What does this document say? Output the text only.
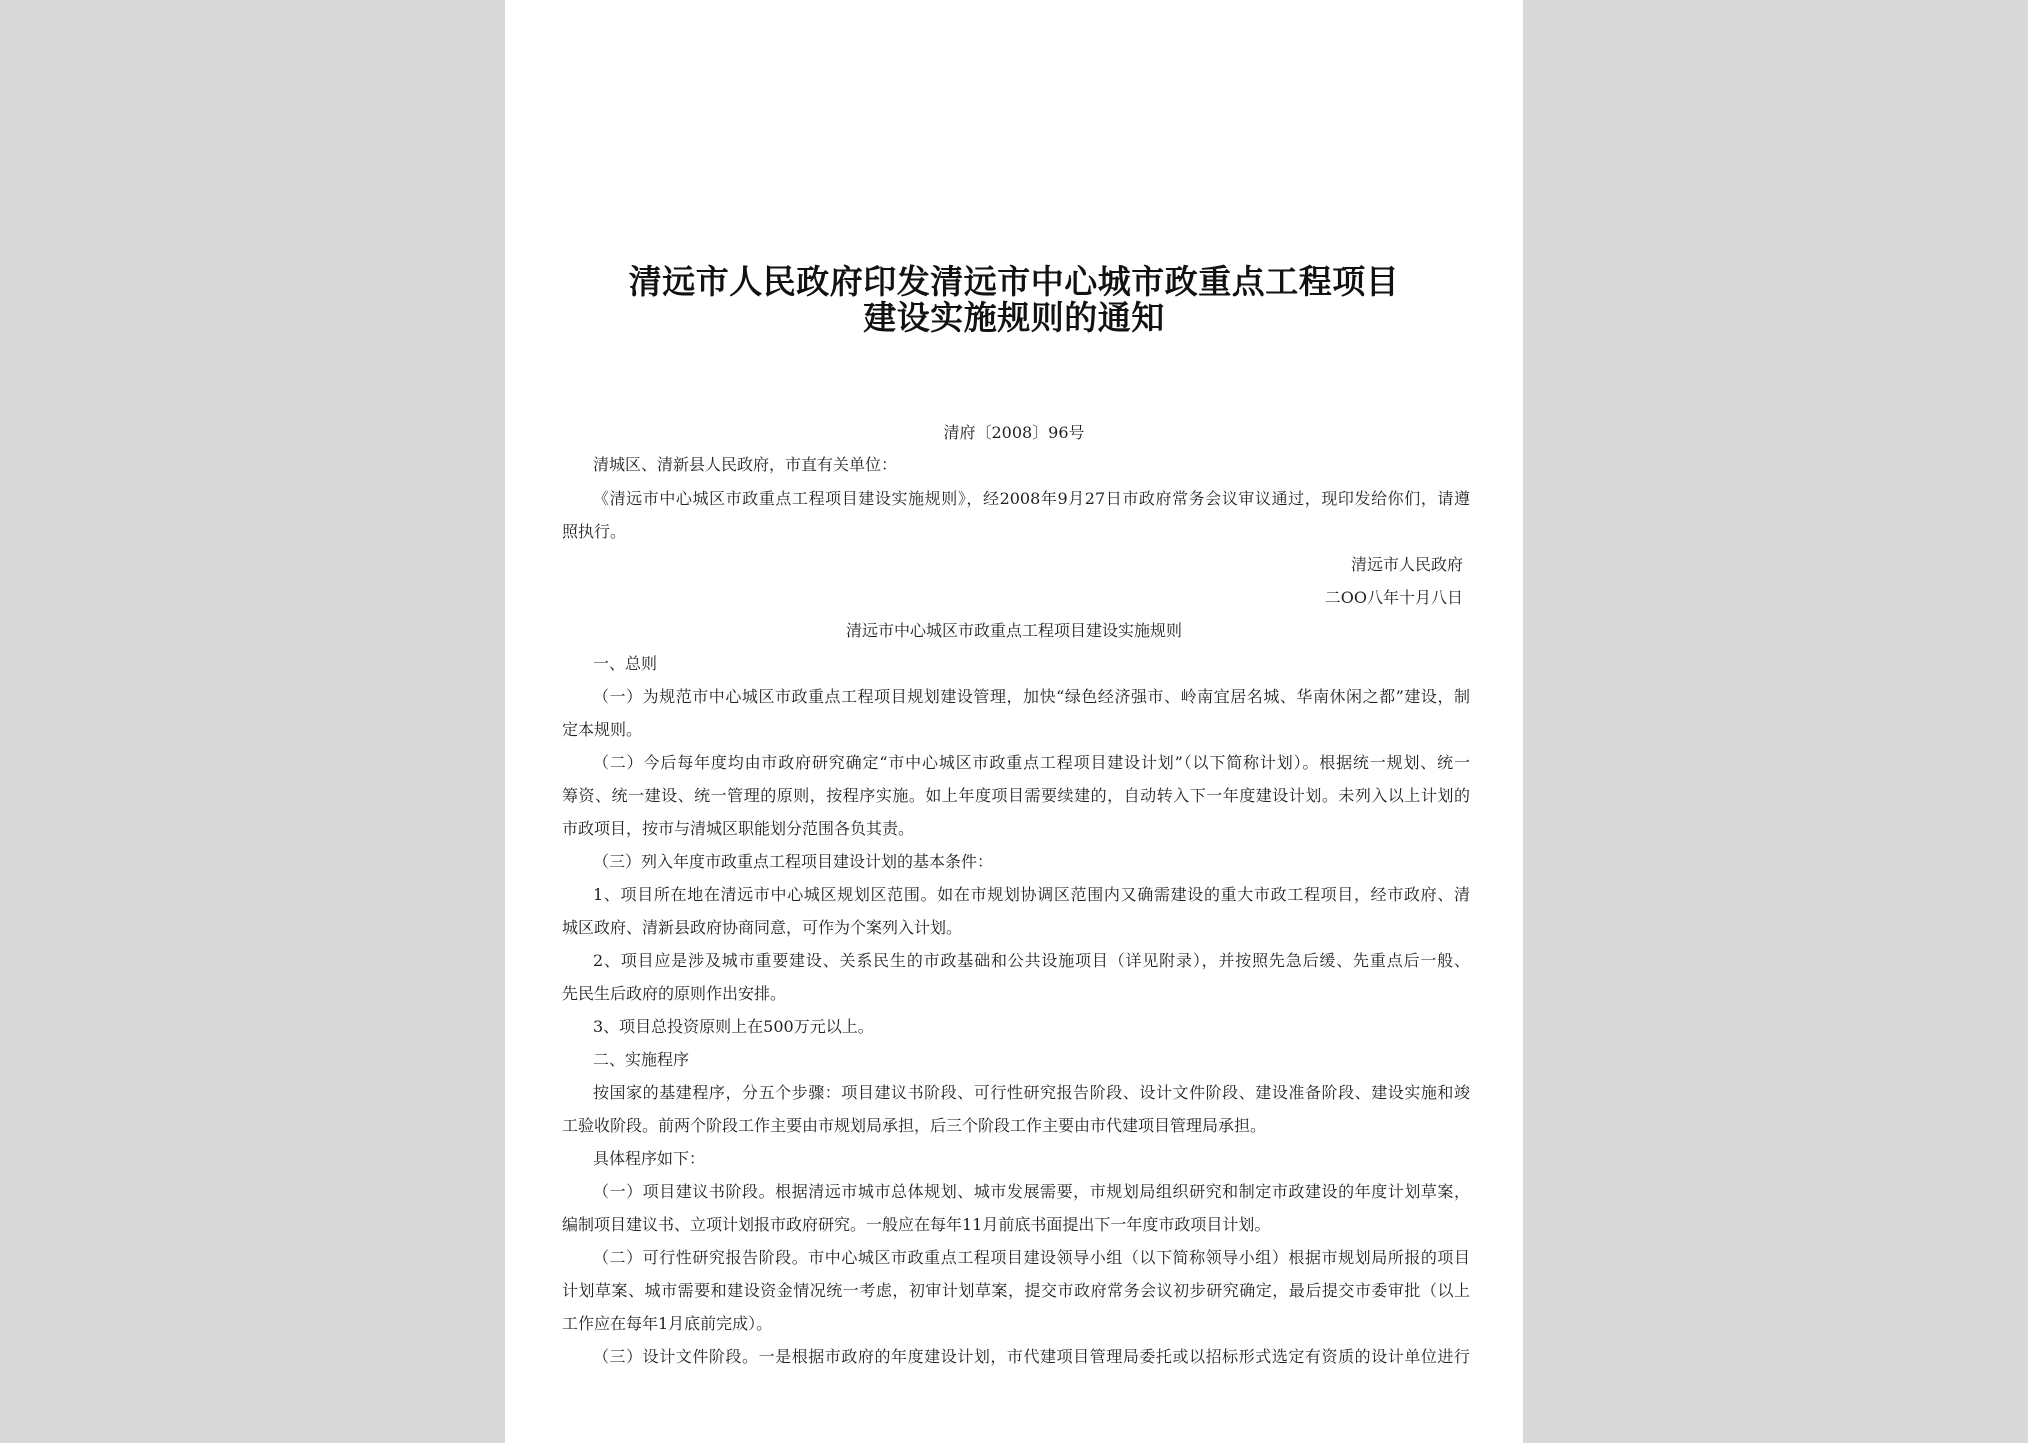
清远市人民政府印发清远市中心城市政重点工程项目
建设实施规则的通知
清府〔2008〕96号
清城区、清新县人民政府，市直有关单位：
《清远市中心城区市政重点工程项目建设实施规则》，经2008年9月27日市政府常务会议审议通过，现印发给你们，请遵
照执行。
清远市人民政府
二OO八年十月八日
清远市中心城区市政重点工程项目建设实施规则
一、总则
（一）为规范市中心城区市政重点工程项目规划建设管理，加快“绿色经济强市、岭南宜居名城、华南休闲之都”建设，制
定本规则。
（二）今后每年度均由市政府研究确定“市中心城区市政重点工程项目建设计划”（以下简称计划）。根据统一规划、统一
筹资、统一建设、统一管理的原则，按程序实施。如上年度项目需要续建的，自动转入下一年度建设计划。未列入以上计划的
市政项目，按市与清城区职能划分范围各负其责。
（三）列入年度市政重点工程项目建设计划的基本条件：
1、项目所在地在清远市中心城区规划区范围。如在市规划协调区范围内又确需建设的重大市政工程项目，经市政府、清
城区政府、清新县政府协商同意，可作为个案列入计划。
2、项目应是涉及城市重要建设、关系民生的市政基础和公共设施项目（详见附录），并按照先急后缓、先重点后一般、
先民生后政府的原则作出安排。
3、项目总投资原则上在500万元以上。
二、实施程序
按国家的基建程序，分五个步骤：项目建议书阶段、可行性研究报告阶段、设计文件阶段、建设准备阶段、建设实施和竣
工验收阶段。前两个阶段工作主要由市规划局承担，后三个阶段工作主要由市代建项目管理局承担。
具体程序如下：
（一）项目建议书阶段。根据清远市城市总体规划、城市发展需要，市规划局组织研究和制定市政建设的年度计划草案，
编制项目建议书、立项计划报市政府研究。一般应在每年11月前底书面提出下一年度市政项目计划。
（二）可行性研究报告阶段。市中心城区市政重点工程项目建设领导小组（以下简称领导小组）根据市规划局所报的项目
计划草案、城市需要和建设资金情况统一考虑，初审计划草案，提交市政府常务会议初步研究确定，最后提交市委审批（以上
工作应在每年1月底前完成）。
（三）设计文件阶段。一是根据市政府的年度建设计划，市代建项目管理局委托或以招标形式选定有资质的设计单位进行
